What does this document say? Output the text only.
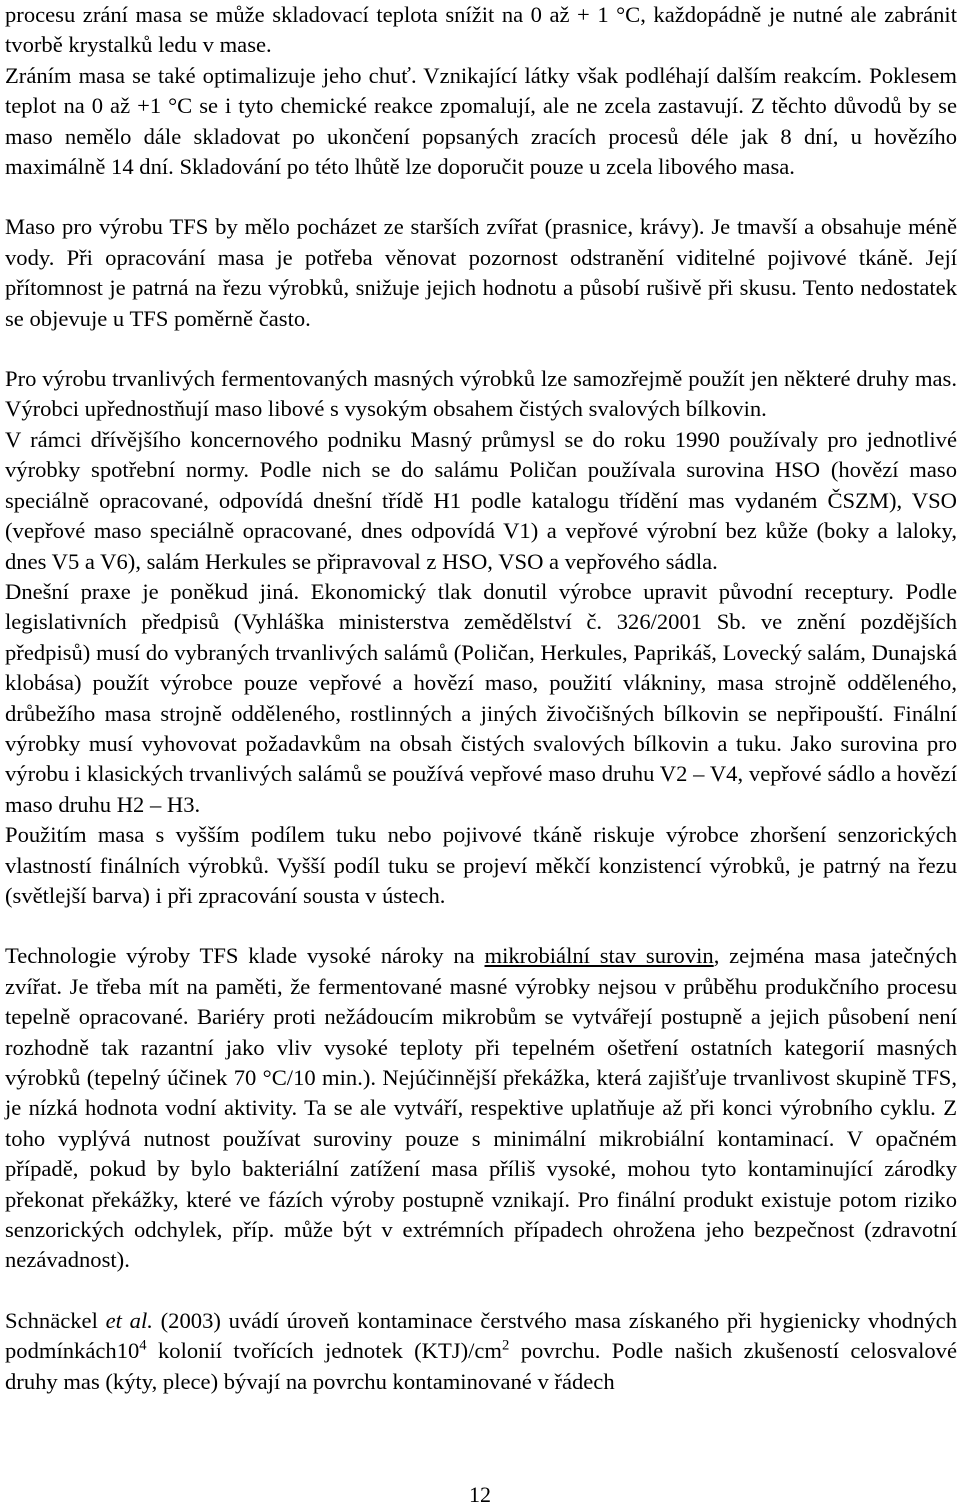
procesu zrání masa se může skladovací teplota snížit na 0 až + 1 °C, každopádně je nutné ale zabránit tvorbě krystalků ledu v mase.

Zráním masa se také optimalizuje jeho chuť. Vznikající látky však podléhají dalším reakcím. Poklesem teplot na 0 až +1 °C se i tyto chemické reakce zpomalují, ale ne zcela zastavují. Z těchto důvodů by se maso nemělo dále skladovat po ukončení popsaných zracích procesů déle jak 8 dní, u hovězího maximálně 14 dní. Skladování po této lhůtě lze doporučit pouze u zcela libového masa.

Maso pro výrobu TFS by mělo pocházet ze starších zvířat (prasnice, krávy). Je tmavší a obsahuje méně vody. Při opracování masa je potřeba věnovat pozornost odstranění viditelné pojivové tkáně. Její přítomnost je patrná na řezu výrobků, snižuje jejich hodnotu a působí rušivě při skusu. Tento nedostatek se objevuje u TFS poměrně často.

Pro výrobu trvanlivých fermentovaných masných výrobků lze samozřejmě použít jen některé druhy mas. Výrobci upřednostňují maso libové s vysokým obsahem čistých svalových bílkovin.

V rámci dřívějšího koncernového podniku Masný průmysl se do roku 1990 používaly pro jednotlivé výrobky spotřební normy. Podle nich se do salámu Poličan používala surovina HSO (hovězí maso speciálně opracované, odpovídá dnešní třídě H1 podle katalogu třídění mas vydaném ČSZM), VSO (vepřové maso speciálně opracované, dnes odpovídá V1) a vepřové výrobní bez kůže (boky a laloky, dnes V5 a V6), salám Herkules se připravoval z HSO, VSO a vepřového sádla.

Dnešní praxe je poněkud jiná. Ekonomický tlak donutil výrobce upravit původní receptury. Podle legislativních předpisů (Vyhláška ministerstva zemědělství č. 326/2001 Sb. ve znění pozdějších předpisů) musí do vybraných trvanlivých salámů (Poličan, Herkules, Paprikáš, Lovecký salám, Dunajská klobása) použít výrobce pouze vepřové a hovězí maso, použití vlákniny, masa strojně odděleného, drůbežího masa strojně odděleného, rostlinných a jiných živočišných bílkovin se nepřipouští. Finální výrobky musí vyhovovat požadavkům na obsah čistých svalových bílkovin a tuku. Jako surovina pro výrobu i klasických trvanlivých salámů se používá vepřové maso druhu V2 – V4, vepřové sádlo a hovězí maso druhu H2 – H3.

Použitím masa s vyšším podílem tuku nebo pojivové tkáně riskuje výrobce zhoršení senzorických vlastností finálních výrobků. Vyšší podíl tuku se projeví měkčí konzistencí výrobků, je patrný na řezu (světlejší barva) i při zpracování sousta v ústech.

Technologie výroby TFS klade vysoké nároky na mikrobiální stav surovin, zejména masa jatečných zvířat. Je třeba mít na paměti, že fermentované masné výrobky nejsou v průběhu produkčního procesu tepelně opracované. Bariéry proti nežádoucím mikrobům se vytvářejí postupně a jejich působení není rozhodně tak razantní jako vliv vysoké teploty při tepelném ošetření ostatních kategorií masných výrobků (tepelný účinek 70 °C/10 min.). Nejúčinnější překážka, která zajišťuje trvanlivost skupině TFS, je nízká hodnota vodní aktivity. Ta se ale vytváří, respektive uplatňuje až při konci výrobního cyklu. Z toho vyplývá nutnost používat suroviny pouze s minimální mikrobiální kontaminací. V opačném případě, pokud by bylo bakteriální zatížení masa příliš vysoké, mohou tyto kontaminující zárodky překonat překážky, které ve fázích výroby postupně vznikají. Pro finální produkt existuje potom riziko senzorických odchylek, příp. může být v extrémních případech ohrožena jeho bezpečnost (zdravotní nezávadnost).

Schnäckel et al. (2003) uvádí úroveň kontaminace čerstvého masa získaného při hygienicky vhodných $podmínkách10^4$ kolonií tvořících jednotek $(KTJ)/cm^2$ povrchu. Podle našich zkušeností celosvalové druhy mas (kýty, plece) bývají na povrchu kontaminované v řádech

12
